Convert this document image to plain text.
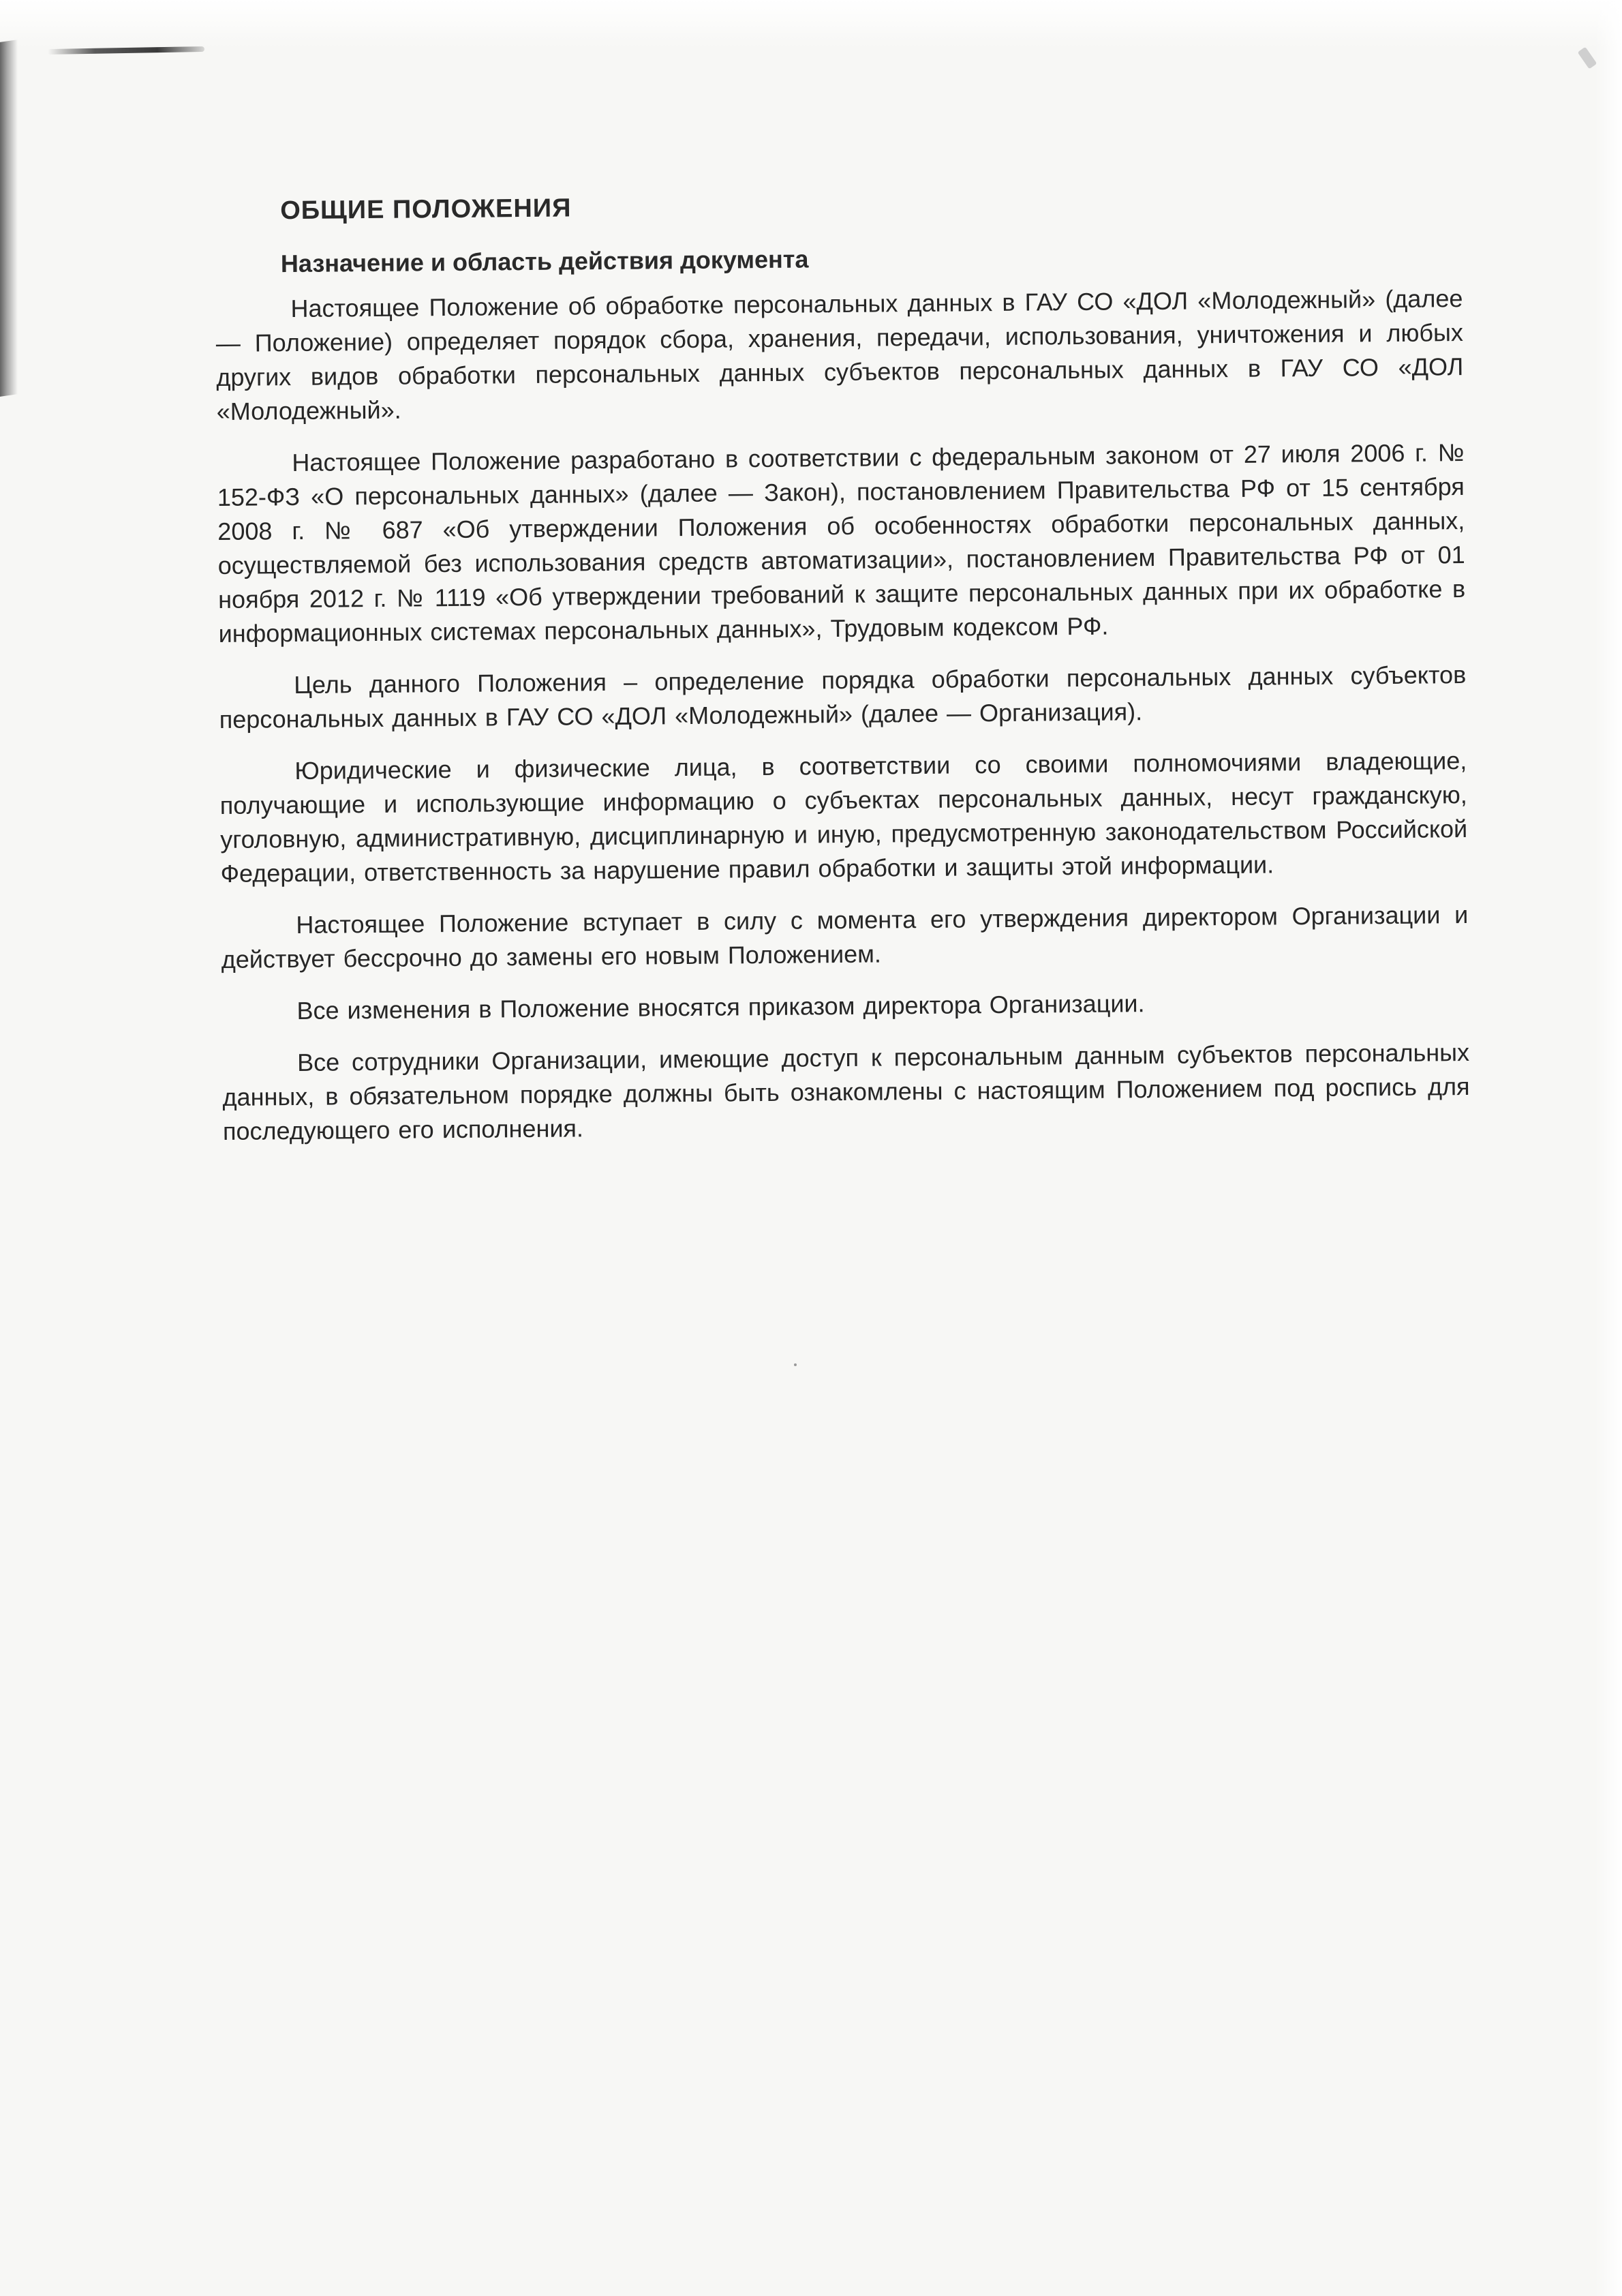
ОБЩИЕ ПОЛОЖЕНИЯ
Назначение и область действия документа

Настоящее Положение об обработке персональных данных в ГАУ СО «ДОЛ «Молодежный» (далее — Положение) определяет порядок сбора, хранения, передачи, использования, уничтожения и любых других видов обработки персональных данных субъектов персональных данных в ГАУ СО «ДОЛ «Молодежный».

Настоящее Положение разработано в соответствии с федеральным законом от 27 июля 2006 г. № 152-ФЗ «О персональных данных» (далее — Закон), постановлением Правительства РФ от 15 сентября 2008 г. № 687 «Об утверждении Положения об особенностях обработки персональных данных, осуществляемой без использования средств автоматизации», постановлением Правительства РФ от 01 ноября 2012 г. № 1119 «Об утверждении требований к защите персональных данных при их обработке в информационных системах персональных данных», Трудовым кодексом РФ.

Цель данного Положения – определение порядка обработки персональных данных субъектов персональных данных в ГАУ СО «ДОЛ «Молодежный» (далее — Организация).

Юридические и физические лица, в соответствии со своими полномочиями владеющие, получающие и использующие информацию о субъектах персональных данных, несут гражданскую, уголовную, административную, дисциплинарную и иную, предусмотренную законодательством Российской Федерации, ответственность за нарушение правил обработки и защиты этой информации.

Настоящее Положение вступает в силу с момента его утверждения директором Организации и действует бессрочно до замены его новым Положением.

Все изменения в Положение вносятся приказом директора Организации.

Все сотрудники Организации, имеющие доступ к персональным данным субъектов персональных данных, в обязательном порядке должны быть ознакомлены с настоящим Положением под роспись для последующего его исполнения.
